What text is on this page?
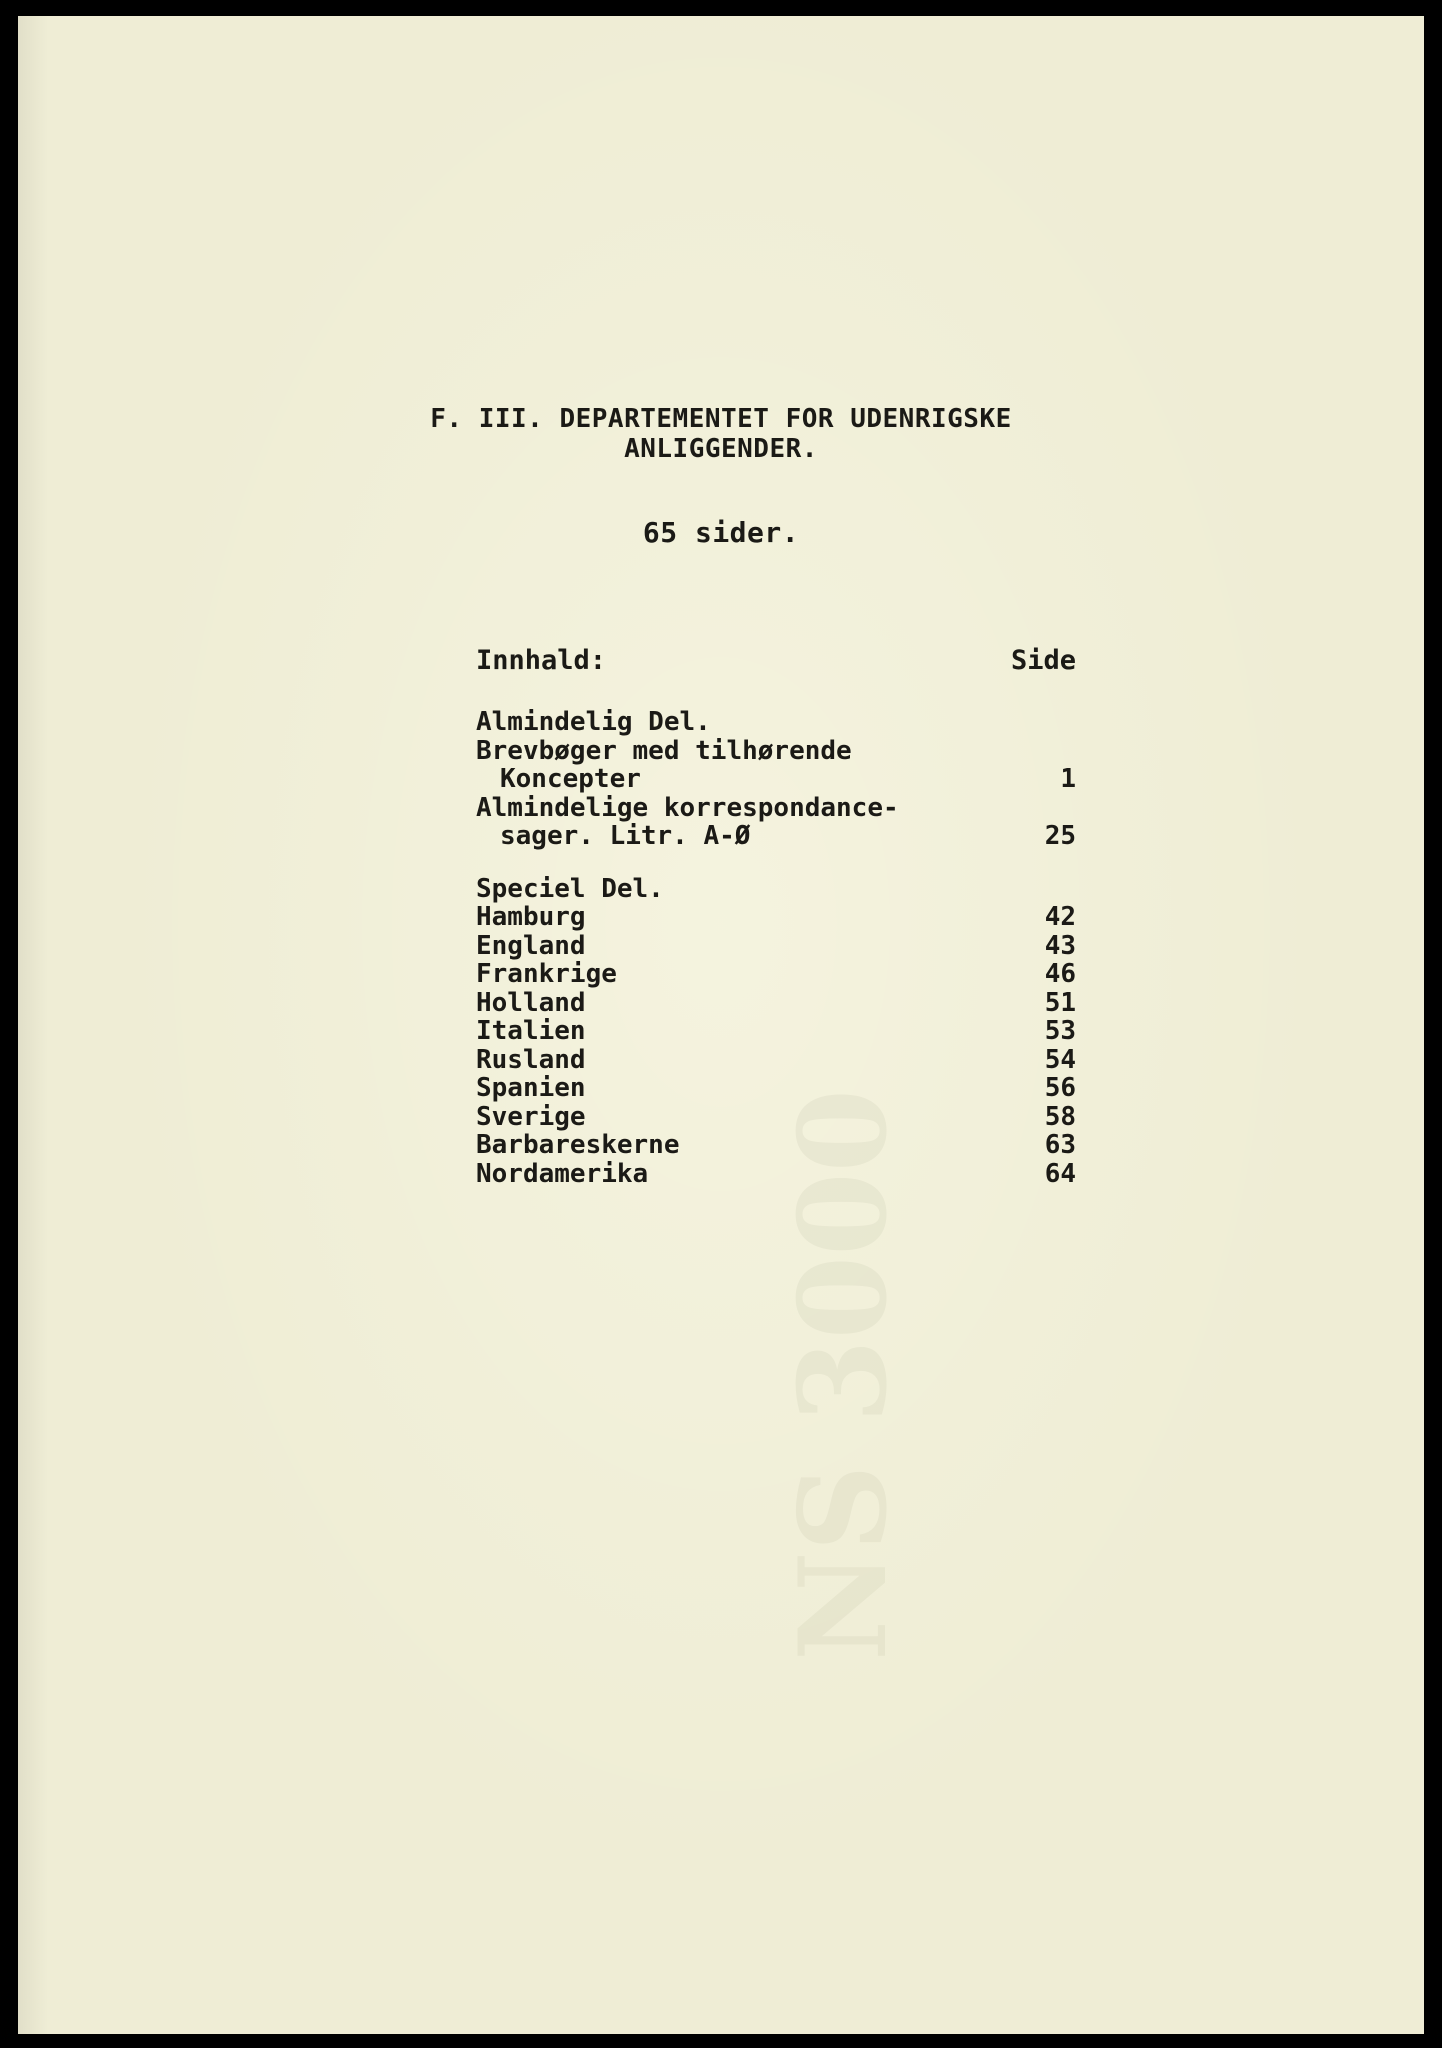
NS 3000
F. III. DEPARTEMENTET FOR UDENRIGSKE
ANLIGGENDER.
65 sider.
Innhald:	Side
Almindelig Del.
Brevbøger med tilhørende
Koncepter	1
Almindelige korrespondance-
sager. Litr. A-Ø	25
Speciel Del.
Hamburg	42
England	43
Frankrige	46
Holland	51
Italien	53
Rusland	54
Spanien	56
Sverige	58
Barbareskerne	63
Nordamerika	64
